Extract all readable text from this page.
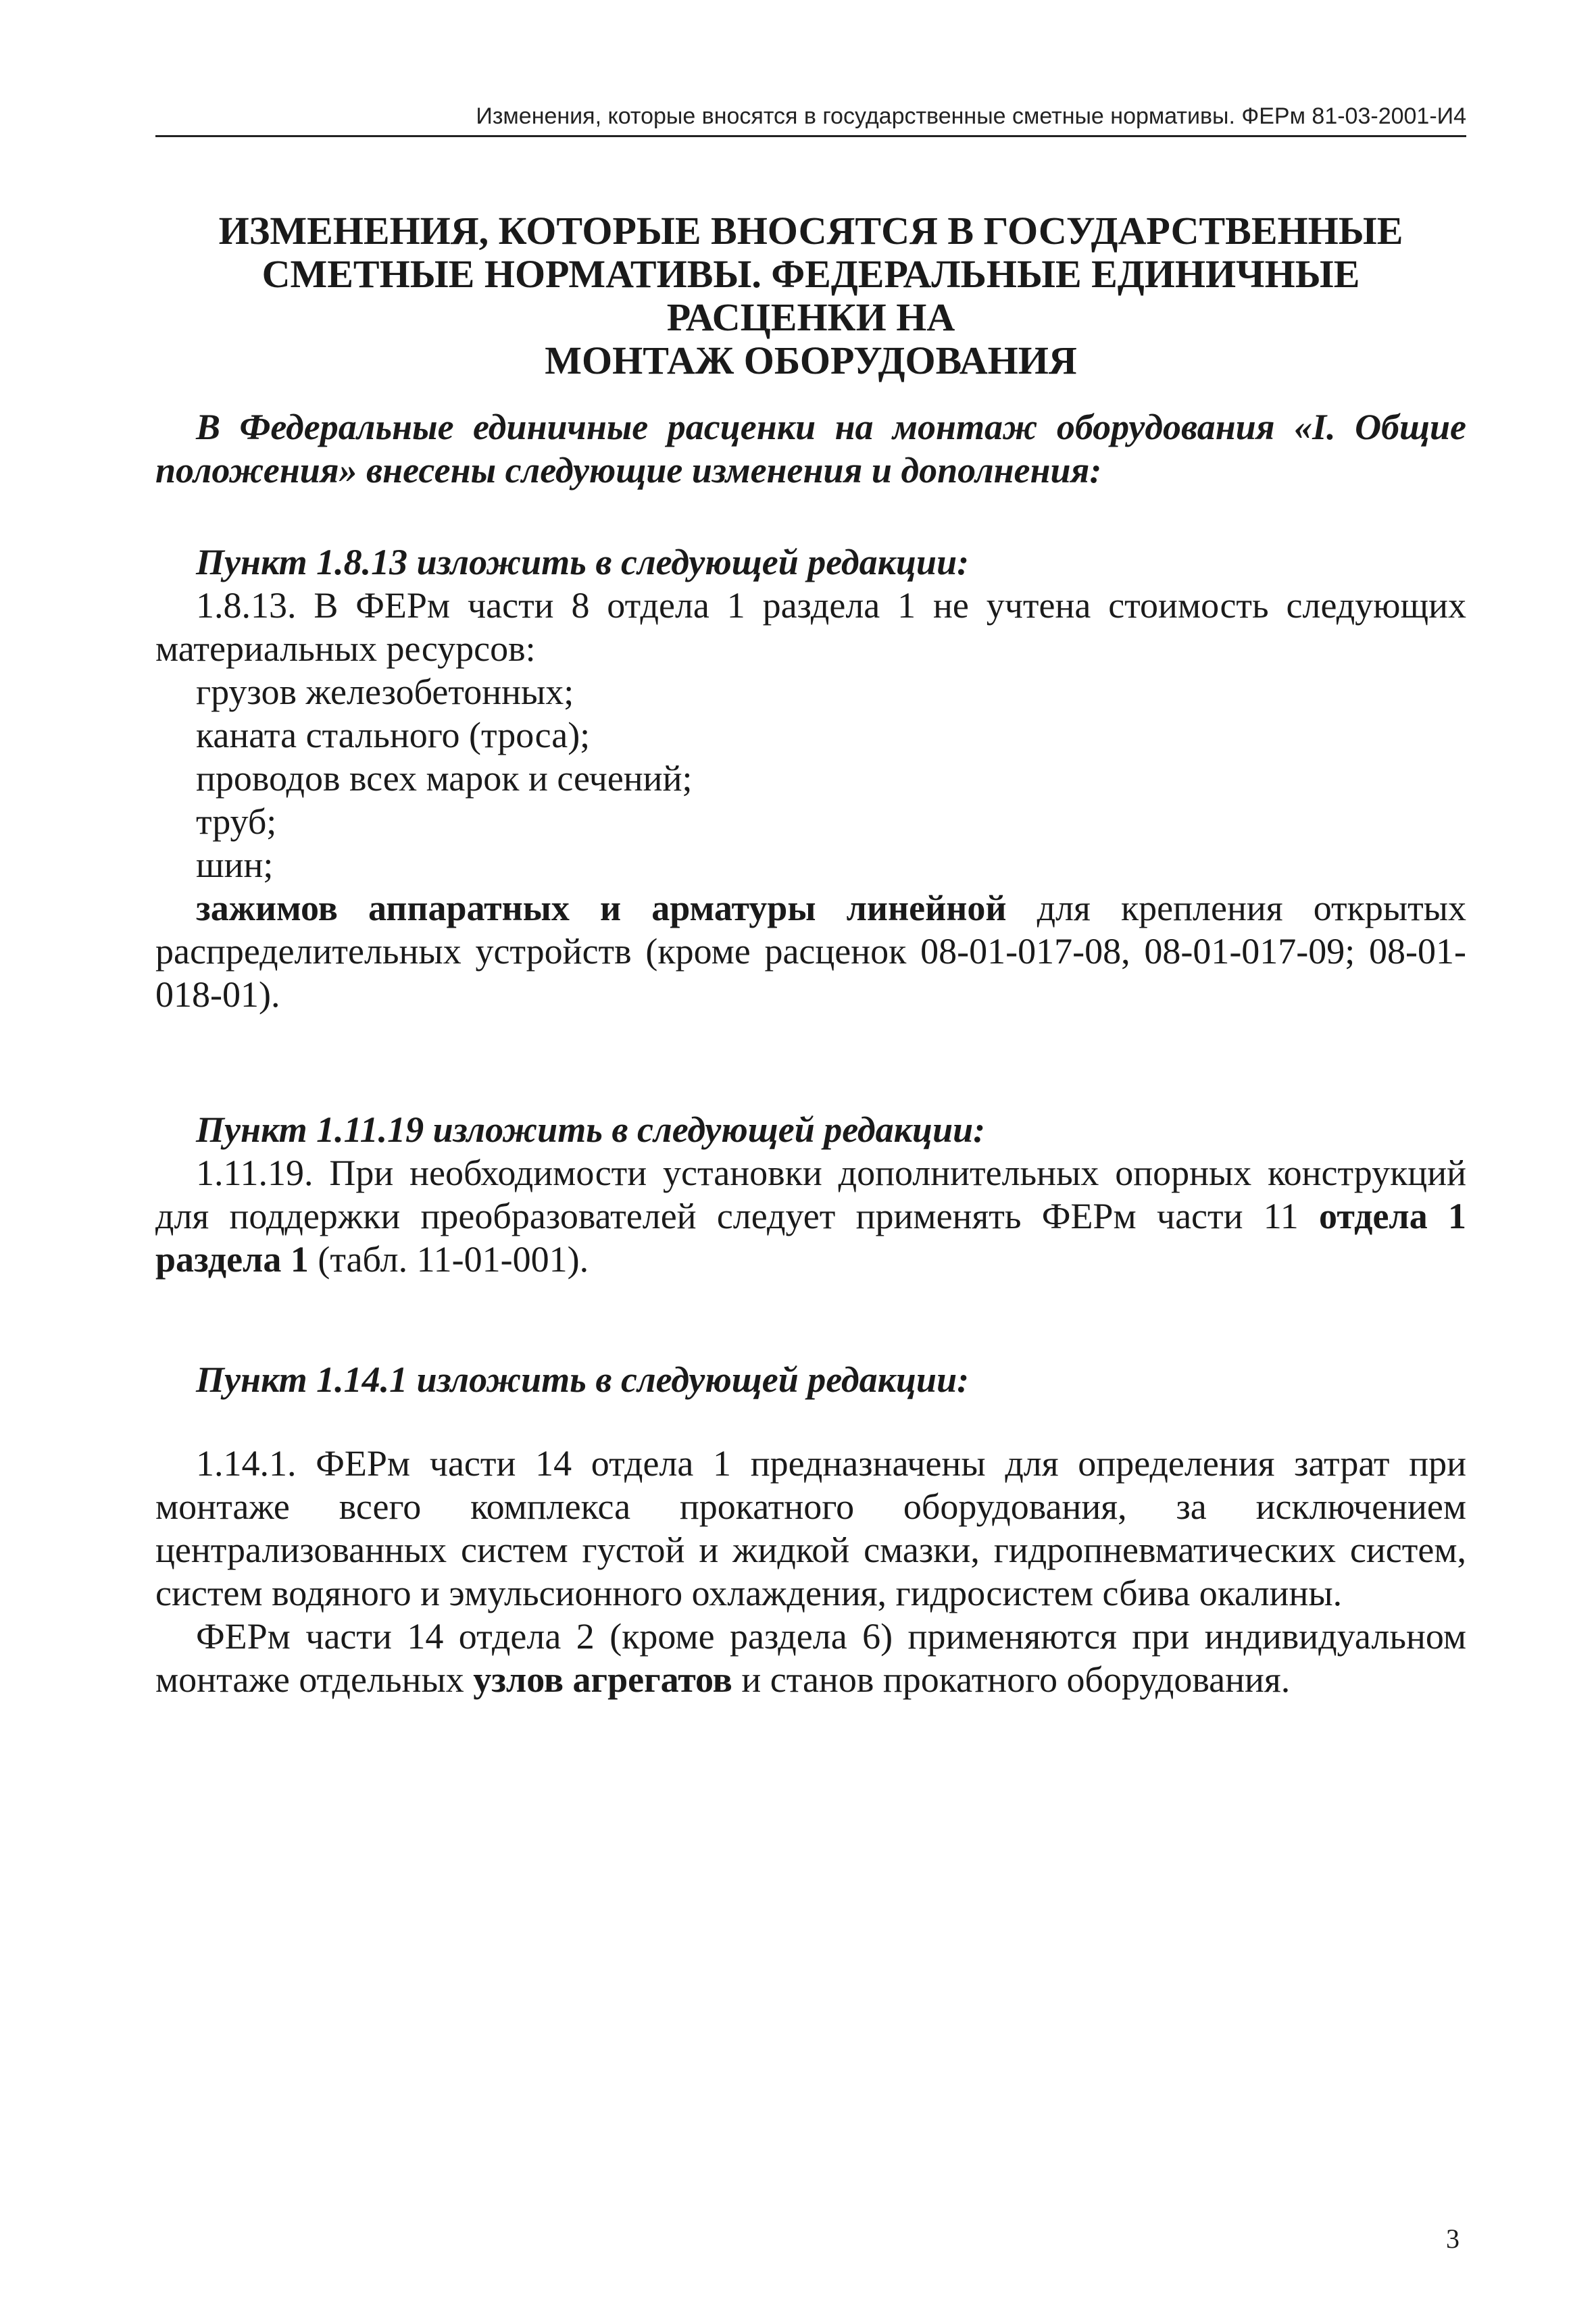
Изменения, которые вносятся в государственные сметные нормативы. ФЕРм 81-03-2001-И4
ИЗМЕНЕНИЯ, КОТОРЫЕ ВНОСЯТСЯ В ГОСУДАРСТВЕННЫЕ
СМЕТНЫЕ НОРМАТИВЫ. ФЕДЕРАЛЬНЫЕ ЕДИНИЧНЫЕ РАСЦЕНКИ НА
МОНТАЖ ОБОРУДОВАНИЯ

В Федеральные единичные расценки на монтаж оборудования «I. Общие положения» внесены следующие изменения и дополнения:

Пункт 1.8.13 изложить в следующей редакции:

1.8.13. В ФЕРм части 8 отдела 1 раздела 1 не учтена стоимость следующих материальных ресурсов:

грузов железобетонных;
каната стального (троса);
проводов всех марок и сечений;
труб;
шин;

зажимов аппаратных и арматуры линейной для крепления открытых распределительных устройств (кроме расценок 08-01-017-08, 08-01-017-09; 08-01-018-01).

Пункт 1.11.19 изложить в следующей редакции:

1.11.19. При необходимости установки дополнительных опорных конструкций для поддержки преобразователей следует применять ФЕРм части 11 отдела 1 раздела 1 (табл. 11-01-001).

Пункт 1.14.1 изложить в следующей редакции:

1.14.1. ФЕРм части 14 отдела 1 предназначены для определения затрат при монтаже всего комплекса прокатного оборудования, за исключением централизованных систем густой и жидкой смазки, гидропневматических систем, систем водяного и эмульсионного охлаждения, гидросистем сбива окалины.

ФЕРм части 14 отдела 2 (кроме раздела 6) применяются при индивидуальном монтаже отдельных узлов агрегатов и станов прокатного оборудования.

3
